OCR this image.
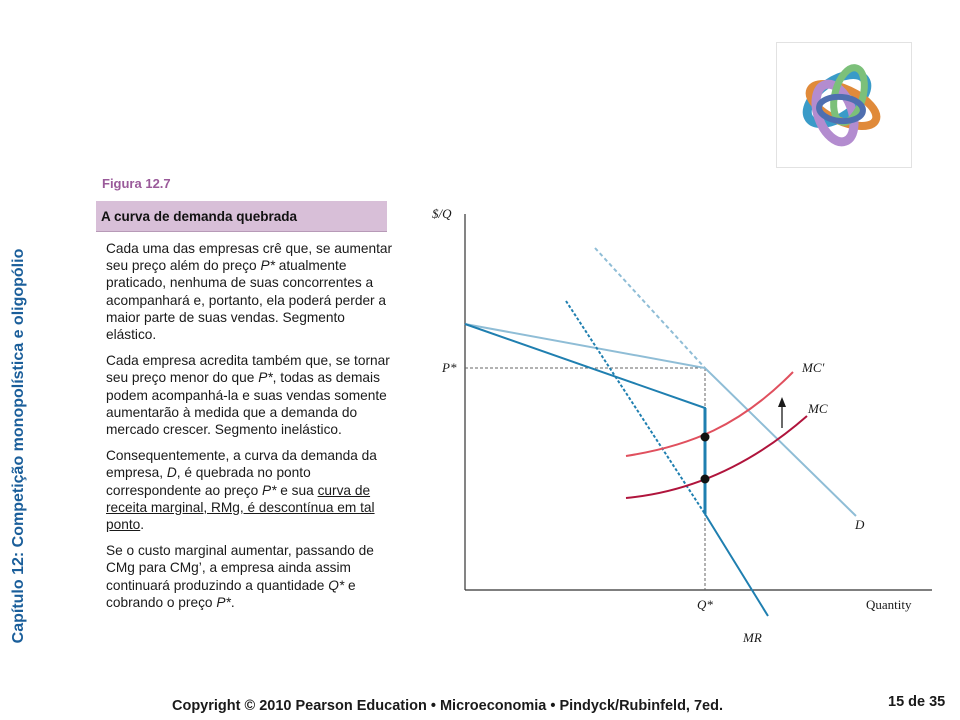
Capítulo 12: Competição monopolística e oligopólio
Figura 12.7
A curva de demanda quebrada

Cada uma das empresas crê que, se aumentar seu preço além do preço P* atualmente praticado, nenhuma de suas concorrentes a acompanhará e, portanto, ela poderá perder a maior parte de suas vendas. Segmento elástico.

Cada empresa acredita também que, se tornar seu preço menor do que P*, todas as demais podem acompanhá-la e suas vendas somente aumentarão à medida que a demanda do mercado crescer. Segmento inelástico.

Consequentemente, a curva da demanda da empresa, D, é quebrada no ponto correspondente ao preço P* e sua curva de receita marginal, RMg, é descontínua em tal ponto.

Se o custo marginal aumentar, passando de CMg para CMg’, a empresa ainda assim continuará produzindo a quantidade Q* e cobrando o preço P*.

$/Q
Quantity
P*
Q*
D
MR
MC′
MC
Copyright © 2010 Pearson Education • Microeconomia • Pindyck/Rubinfeld, 7ed.	15 de 35
